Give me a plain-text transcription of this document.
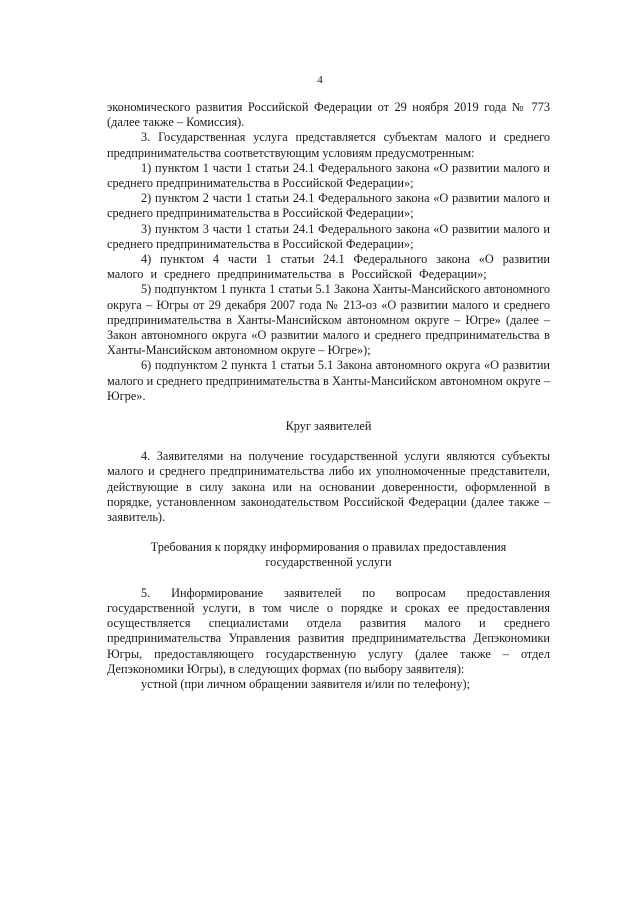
4

экономического развития Российской Федерации от 29 ноября 2019 года № 773 (далее также – Комиссия).

3. Государственная услуга представляется субъектам малого и среднего предпринимательства соответствующим условиям предусмотренным:

1) пунктом 1 части 1 статьи 24.1 Федерального закона «О развитии малого и среднего предпринимательства в Российской Федерации»;

2) пунктом 2 части 1 статьи 24.1 Федерального закона «О развитии малого и среднего предпринимательства в Российской Федерации»;

3) пунктом 3 части 1 статьи 24.1 Федерального закона «О развитии малого и среднего предпринимательства в Российской Федерации»;

4) пунктом 4 части 1 статьи 24.1 Федерального закона «О развитии малого и среднего предпринимательства в Российской Федерации»;

5) подпунктом 1 пункта 1 статьи 5.1 Закона Ханты-Мансийского автономного округа – Югры от 29 декабря 2007 года № 213-оз «О развитии малого и среднего предпринимательства в Ханты-Мансийском автономном округе – Югре» (далее – Закон автономного округа «О развитии малого и среднего предпринимательства в Ханты-Мансийском автономном округе – Югре»);

6) подпунктом 2 пункта 1 статьи 5.1 Закона автономного округа «О развитии малого и среднего предпринимательства в Ханты-Мансийском автономном округе – Югре».

Круг заявителей

4. Заявителями на получение государственной услуги являются субъекты малого и среднего предпринимательства либо их уполномоченные представители, действующие в силу закона или на основании доверенности, оформленной в порядке, установленном законодательством Российской Федерации (далее также – заявитель).

Требования к порядку информирования о правилах предоставления

государственной услуги

5. Информирование заявителей по вопросам предоставления государственной услуги, в том числе о порядке и сроках ее предоставления осуществляется специалистами отдела развития малого и среднего предпринимательства Управления развития предпринимательства Депэкономики Югры, предоставляющего государственную услугу (далее также – отдел Депэкономики Югры), в следующих формах (по выбору заявителя):

устной (при личном обращении заявителя и/или по телефону);
